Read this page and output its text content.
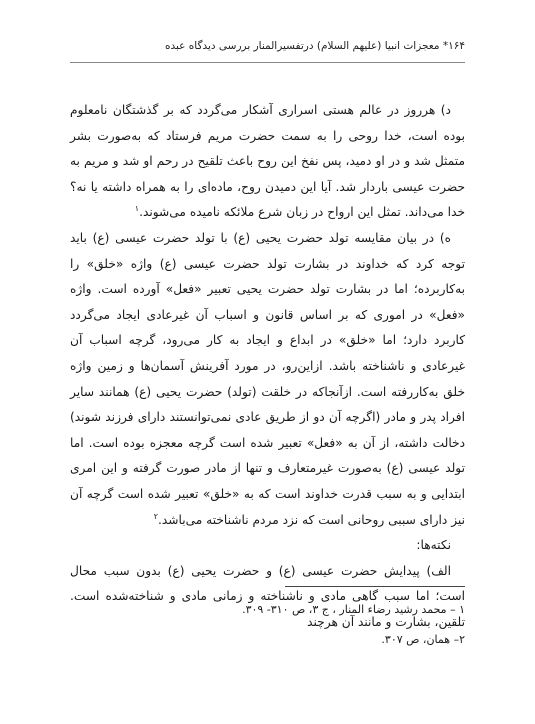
۱۶۴* معجزات انبیا (علیهم السلام) درتفسیرالمنار بررسی دیدگاه عبده

د) هرروز در عالم هستی اسراری آشکار می‌گردد که بر گذشتگان نامعلوم بوده است، خدا روحی را به سمت حضرت مریم فرستاد که به‌صورت بشر متمثل شد و در او دمید، پس نفخ این روح باعث تلقیح در رحم او شد و مریم به حضرت عیسی باردار شد. آیا این دمیدن روح، ماده‌ای را به همراه داشته یا نه؟ خدا می‌داند. تمثل این ارواح در زبان شرع ملائکه نامیده می‌شوند.$^۱$

ه) در بیان مقایسه تولد حضرت یحیی (ع) با تولد حضرت عیسی (ع) باید توجه کرد که خداوند در بشارت تولد حضرت عیسی (ع) واژه «خلق» را به‌کاربرده؛ اما در بشارت تولد حضرت یحیی تعبیر «فعل» آورده است. واژه «فعل» در اموری که بر اساس قانون و اسباب آن غیرعادی ایجاد می‌گردد کاربرد دارد؛ اما «خلق» در ابداع و ایجاد به کار می‌رود، گرچه اسباب آن غیرعادی و ناشناخته باشد. ازاین‌رو، در مورد آفرینش آسمان‌ها و زمین واژه خلق به‌کاررفته است. ازآنجاکه در خلقت (تولد) حضرت یحیی (ع) همانند سایر افراد پدر و مادر (اگرچه آن دو از طریق عادی نمی‌توانستند دارای فرزند شوند) دخالت داشته، از آن به «فعل» تعبیر شده است گرچه معجزه بوده است. اما تولد عیسی (ع) به‌صورت غیرمتعارف و تنها از مادر صورت گرفته و این امری ابتدایی و به سبب قدرت خداوند است که به «خلق» تعبیر شده است گرچه آن نیز دارای سببی روحانی است که نزد مردم ناشناخته می‌باشد.$^۲$

نکته‌ها:

الف) پیدایش حضرت عیسی (ع) و حضرت یحیی (ع) بدون سبب محال است؛ اما سبب گاهی مادی و ناشناخته و زمانی مادی و شناخته‌شده است. تلقین، بشارت و مانند آن هرچند

۱ – محمد رشید رضاء المنار ، ج ۳، ص ۳۱۰- ۳۰۹.
۲– همان، ص ۳۰۷.
